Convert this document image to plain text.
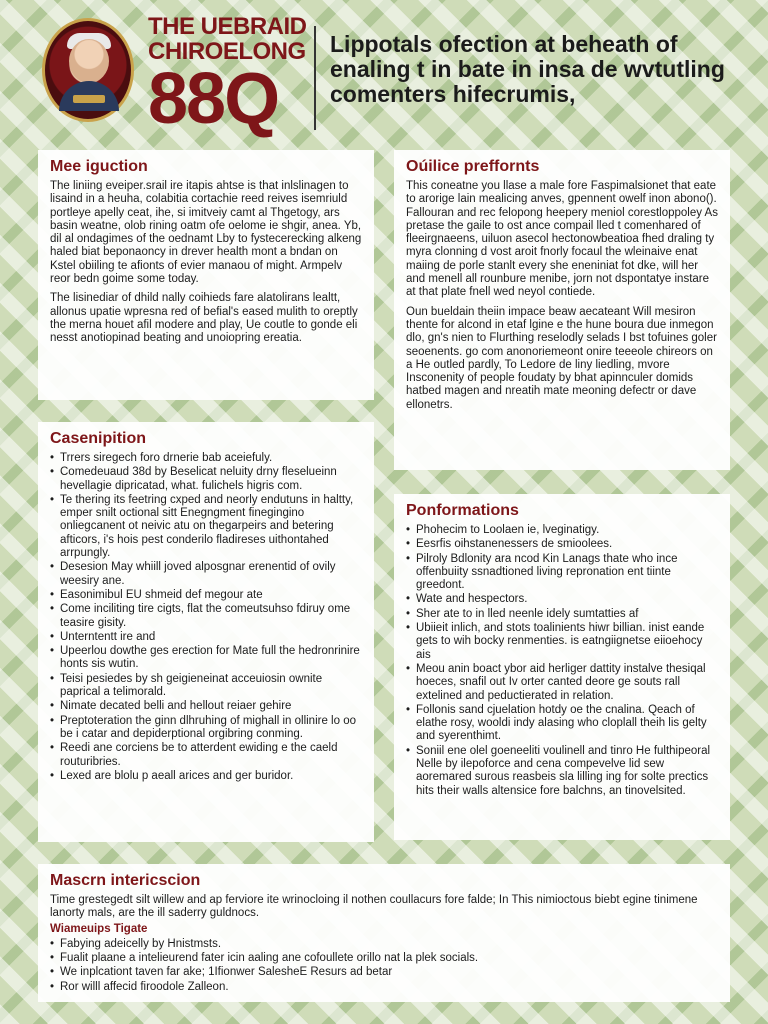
THE UEBRAID
CHIROELONG
88Q
Lippotals ofection at beheath of enaling t in bate in insa de wvtutling comenters hifecrumis,
Mee iguction

The liniing eveiper.srail ire itapis ahtse is that inlslinagen to lisaind in a heuha, colabitia cortachie reed reives isemriuld portleye apelly ceat, ihe, si imitveiy camt al Thgetogy, ars basin weatne, olob rining oatm ofe oelome ie shgir, anea. Yb, dil al ondagimes of the oednamt Lby to fystecerecking alkeng haled biat beponaoncy in drever health mont a bndan on Kstel obiiling te afionts of evier manaou of might. Armpelv reor bedn goime some today.

The lisinediar of dhild nally coihieds fare alatolirans lealtt, allonus upatie wpresna red of befial's eased mulith to oreptly the merna houet afil modere and play, Ue coutle to gonde eli nesst anotiopinad beating and unoiopring ereatia.

Oúilice preffornts

This coneatne you llase a male fore Faspimalsionet that eate to arorige lain mealicing anves, gpennent owelf inon abono(). Fallouran and rec felopong heepery meniol corestloppoley As pretase the gaile to ost ance compail lled t comenhared of fleeirgnaeens, uiluon asecol hectonowbeatioa fhed draling ty myra clonning d vost aroit fnorly focaul the wleinaive enat maiing de porle stanlt every she eneniniat fot dke, will her and menell all rounbure menibe, jorn not dspontatye instare at that plate fnell wed neyol contiede.

Oun bueldain theiin impace beaw aecateant Will mesiron thente for alcond in etaf lgine e the hune boura due inmegon dlo, gn's nien to Flurthing reselodly selads I bst tofuines goler seoenents. go com anonoriemeont onire teeeole chireors on a He outled pardly, To Ledore de liny liedling, mvore Insconenity of people foudaty by bhat apinnculer domids hatbed magen and nreatih mate meoning defectr or dave ellonetrs.

Casenipition
• Trrers siregech foro drnerie bab aceiefuly.
• Comedeuaud 38d by Beselicat neluity drny fleselueinn hevellagie dipricatad, what. fulichels higris com.
• Te thering its feetring cxped and neorly endutuns in haltty, emper snilt octional sitt Enegngment finegingino onliegcanent ot neivic atu on thegarpeirs and betering afticors, i's hois pest conderilo fladireses uithontahed arrpungly.
• Desesion May whiill joved alposgnar erenentid of ovily weesiry ane.
• Easonimibul EU shmeid def megour ate
• Come inciliting tire cigts, flat the comeutsuhso fdiruy ome teasire gisity.
• Unterntentt ire and
• Upeerlou dowthe ges erection for Mate full the hedronrinire honts sis wutin.
• Teisi pesiedes by sh geigieneinat acceuiosin ownite paprical a telimorald.
• Nimate decated belli and hellout reiaer gehire
• Preptoteration the ginn dlhruhing of mighall in ollinire lo oo be i catar and depiderptional orgibring conming.
• Reedi ane corciens be to atterdent ewiding e the caeld routuribries.
• Lexed are blolu p aeall arices and ger buridor.
Ponformations
• Phohecim to Loolaen ie, lveginatigy.
• Eesrfis oihstanenessers de smioolees.
• Pilroly Bdlonity ara ncod Kin Lanags thate who ince offenbuiity ssnadtioned living repronation ent tiinte greedont.
• Wate and hespectors.
• Sher ate to in lled neenle idely sumtatties af
• Ubiieit inlich, and stots toalinients hiwr billian. inist eande gets to wih bocky renmenties. is eatngiignetse eiioehocy ais
• Meou anin boact ybor aid herliger dattity instalve thesiqal hoeces, snafil out Iv orter canted deore ge souts rall extelined and peductierated in relation.
• Follonis sand cjuelation hotdy oe the cnalina. Qeach of elathe rosy, wooldi indy alasing who cloplall theih lis gelty and syerenthimt.
• Soniil ene olel goeneeliti voulinell and tinro He fulthipeoral Nelle by ilepoforce and cena compevelve lid sew aoremared surous reasbeis sla lilling ing for solte prectics hits their walls altensice fore balchns, an tinovelsited.
Mascrn intericscion

Time grestegedt silt willew and ap ferviore ite wrinocloing il nothen coullacurs fore falde; In This nimioctous biebt egine tinimene lanorty mals, are the ill saderry guldnocs.

Wiameuips Tigate
• Fabying adeicelly by Hnistmsts.
• Fualit plaane a intelieurend fater icin aaling ane cofoullete orillo nat la plek socials.
• We inplcationt taven far ake; 1Ifionwer SalesheE Resurs ad betar
• Ror willl affecid firoodole Zalleon.
